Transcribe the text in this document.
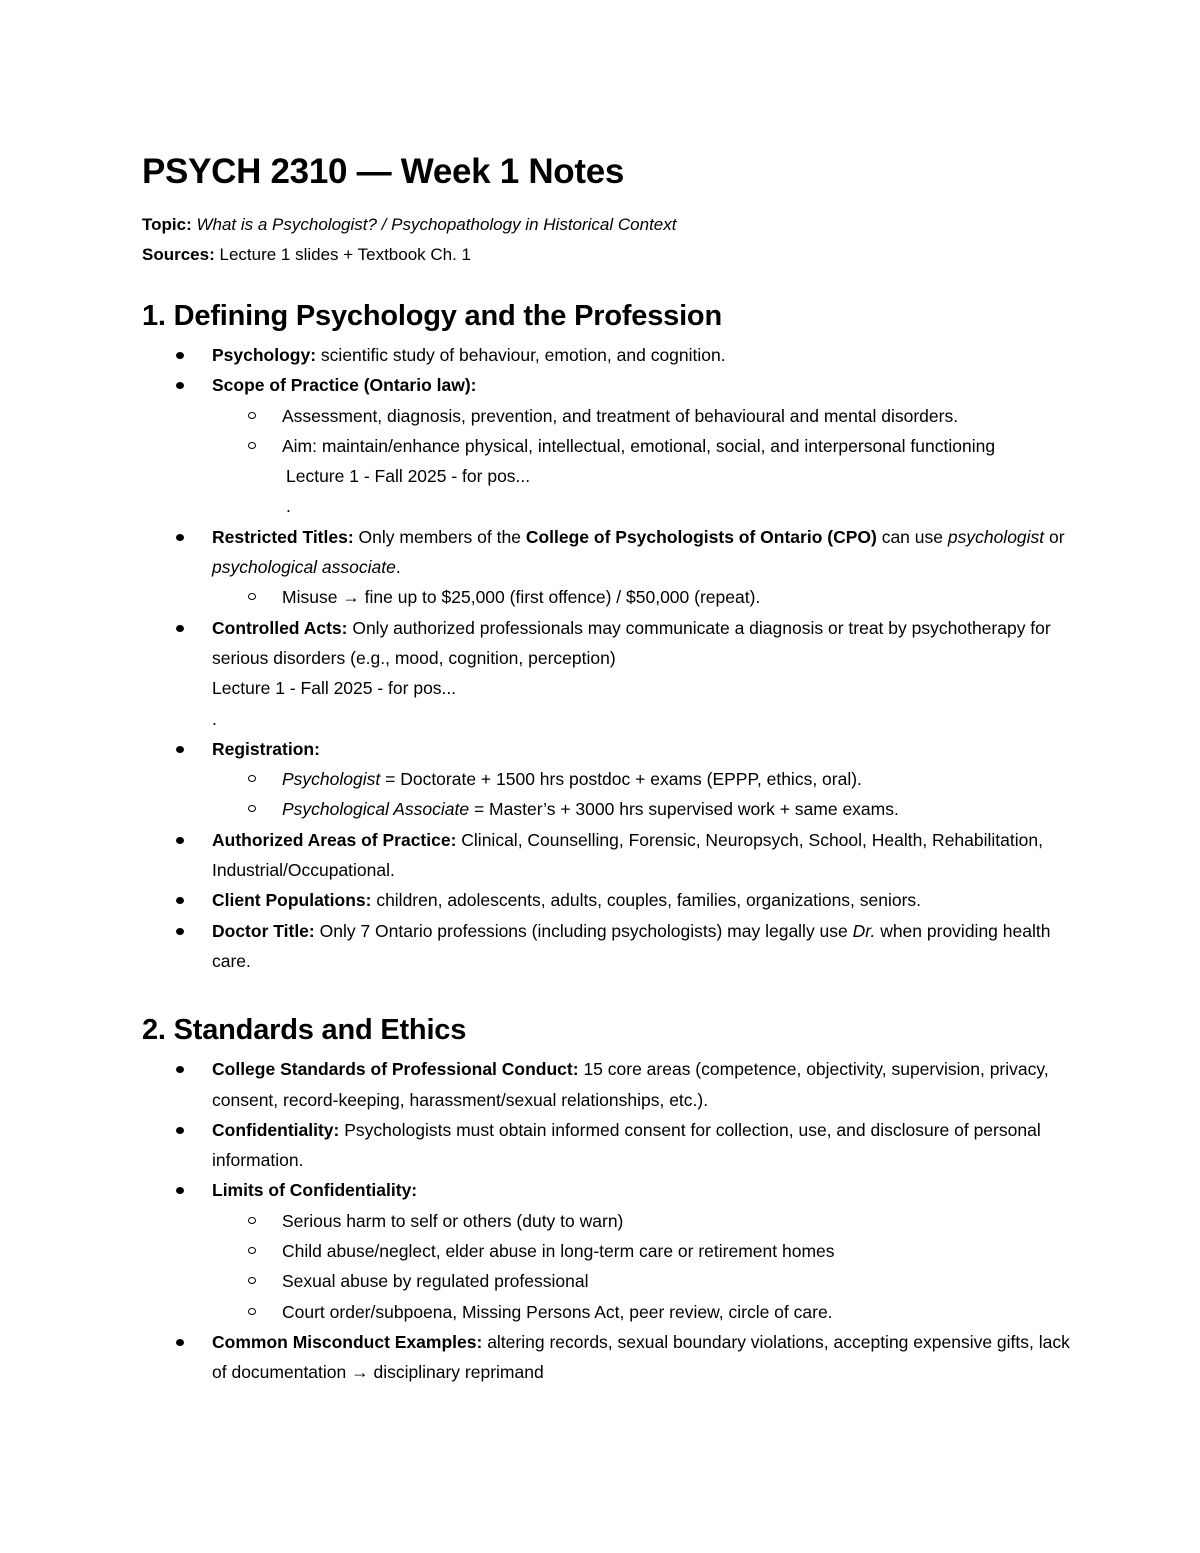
PSYCH 2310 — Week 1 Notes
Topic: What is a Psychologist? / Psychopathology in Historical Context
Sources: Lecture 1 slides + Textbook Ch. 1
1. Defining Psychology and the Profession
Psychology: scientific study of behaviour, emotion, and cognition.
Scope of Practice (Ontario law):
Assessment, diagnosis, prevention, and treatment of behavioural and mental disorders.
Aim: maintain/enhance physical, intellectual, emotional, social, and interpersonal functioning
Lecture 1 - Fall 2025 - for pos...
.
Restricted Titles: Only members of the College of Psychologists of Ontario (CPO) can use psychologist or psychological associate.
Misuse → fine up to $25,000 (first offence) / $50,000 (repeat).
Controlled Acts: Only authorized professionals may communicate a diagnosis or treat by psychotherapy for serious disorders (e.g., mood, cognition, perception)
Lecture 1 - Fall 2025 - for pos...
.
Registration:
Psychologist = Doctorate + 1500 hrs postdoc + exams (EPPP, ethics, oral).
Psychological Associate = Master’s + 3000 hrs supervised work + same exams.
Authorized Areas of Practice: Clinical, Counselling, Forensic, Neuropsych, School, Health, Rehabilitation, Industrial/Occupational.
Client Populations: children, adolescents, adults, couples, families, organizations, seniors.
Doctor Title: Only 7 Ontario professions (including psychologists) may legally use Dr. when providing health care.
2. Standards and Ethics
College Standards of Professional Conduct: 15 core areas (competence, objectivity, supervision, privacy, consent, record-keeping, harassment/sexual relationships, etc.).
Confidentiality: Psychologists must obtain informed consent for collection, use, and disclosure of personal information.
Limits of Confidentiality:
Serious harm to self or others (duty to warn)
Child abuse/neglect, elder abuse in long-term care or retirement homes
Sexual abuse by regulated professional
Court order/subpoena, Missing Persons Act, peer review, circle of care.
Common Misconduct Examples: altering records, sexual boundary violations, accepting expensive gifts, lack of documentation → disciplinary reprimand
